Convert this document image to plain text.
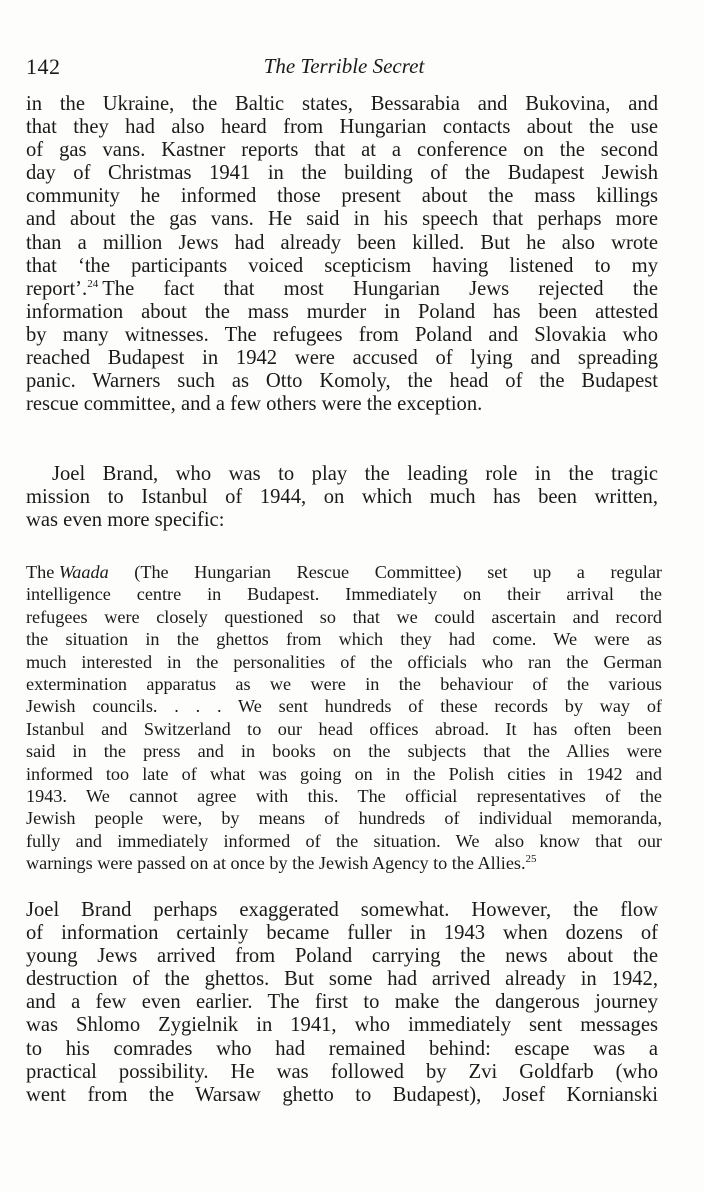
142	The Terrible Secret
in the Ukraine, the Baltic states, Bessarabia and Bukovina, and
that they had also heard from Hungarian contacts about the use
of gas vans. Kastner reports that at a conference on the second
day of Christmas 1941 in the building of the Budapest Jewish
community he informed those present about the mass killings
and about the gas vans. He said in his speech that perhaps more
than a million Jews had already been killed. But he also wrote
that ‘the participants voiced scepticism having listened to my
report’.$^{24}$ The fact that most Hungarian Jews rejected the
information about the mass murder in Poland has been attested
by many witnesses. The refugees from Poland and Slovakia who
reached Budapest in 1942 were accused of lying and spreading
panic. Warners such as Otto Komoly, the head of the Budapest
rescue committee, and a few others were the exception.
Joel Brand, who was to play the leading role in the tragic
mission to Istanbul of 1944, on which much has been written,
was even more specific:
The Waada (The Hungarian Rescue Committee) set up a regular
intelligence centre in Budapest. Immediately on their arrival the
refugees were closely questioned so that we could ascertain and record
the situation in the ghettos from which they had come. We were as
much interested in the personalities of the officials who ran the German
extermination apparatus as we were in the behaviour of the various
Jewish councils. . . . We sent hundreds of these records by way of
Istanbul and Switzerland to our head offices abroad. It has often been
said in the press and in books on the subjects that the Allies were
informed too late of what was going on in the Polish cities in 1942 and
1943. We cannot agree with this. The official representatives of the
Jewish people were, by means of hundreds of individual memoranda,
fully and immediately informed of the situation. We also know that our
warnings were passed on at once by the Jewish Agency to the Allies.$^{25}$
Joel Brand perhaps exaggerated somewhat. However, the flow
of information certainly became fuller in 1943 when dozens of
young Jews arrived from Poland carrying the news about the
destruction of the ghettos. But some had arrived already in 1942,
and a few even earlier. The first to make the dangerous journey
was Shlomo Zygielnik in 1941, who immediately sent messages
to his comrades who had remained behind: escape was a
practical possibility. He was followed by Zvi Goldfarb (who
went from the Warsaw ghetto to Budapest), Josef Kornianski
